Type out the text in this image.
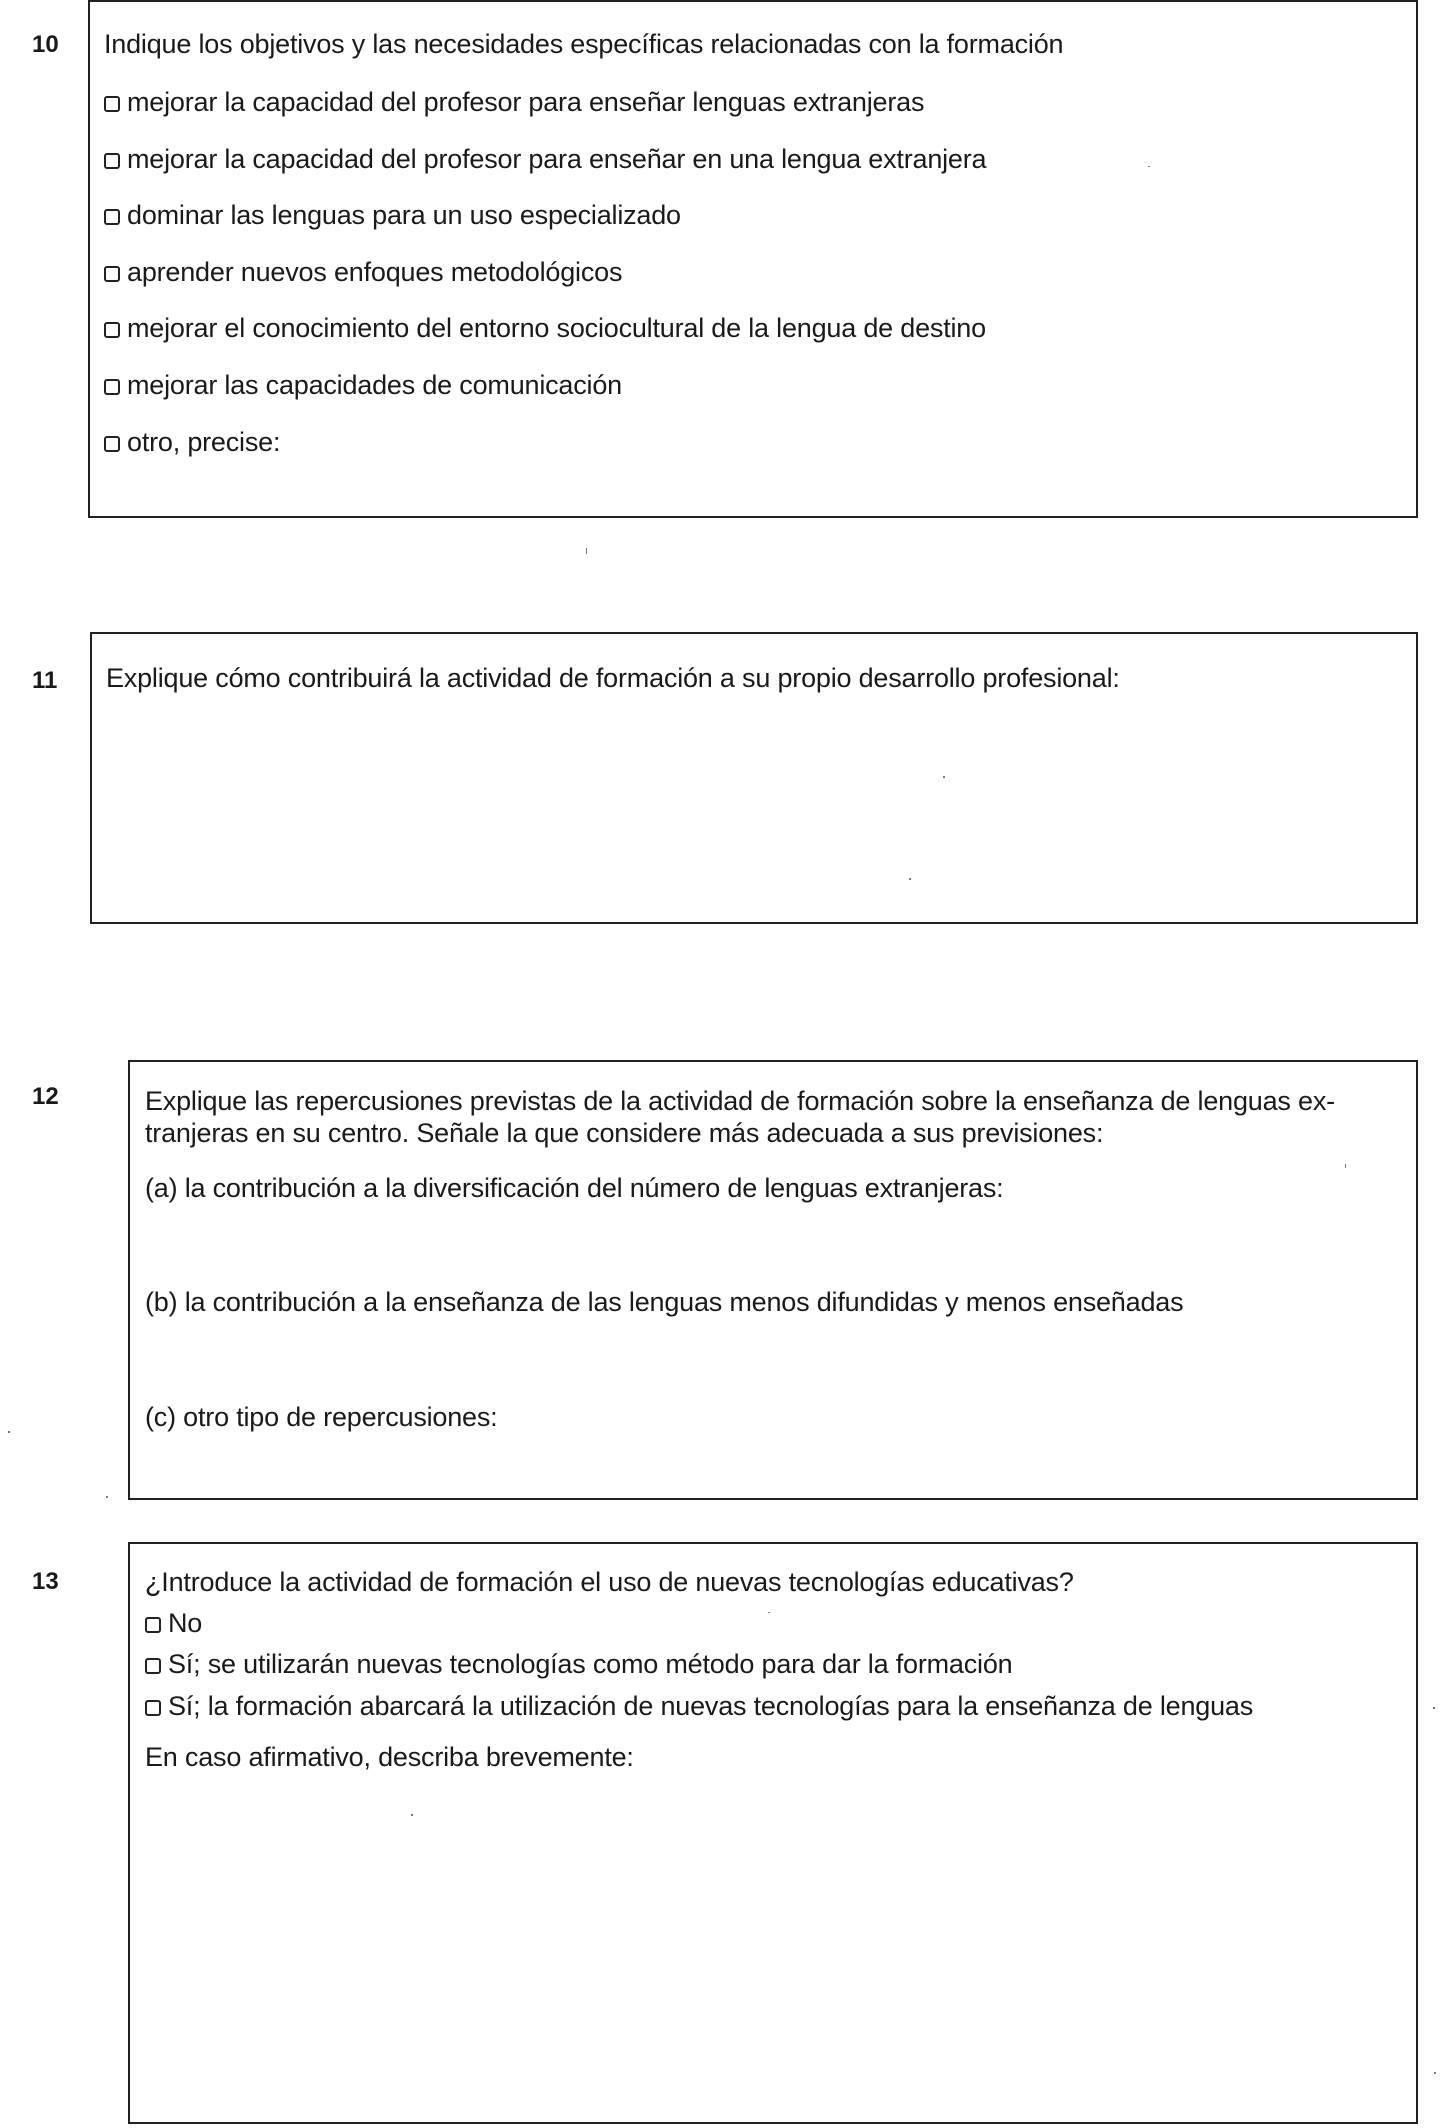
10 Indique los objetivos y las necesidades específicas relacionadas con la formación
mejorar la capacidad del profesor para enseñar lenguas extranjeras
mejorar la capacidad del profesor para enseñar en una lengua extranjera
dominar las lenguas para un uso especializado
aprender nuevos enfoques metodológicos
mejorar el conocimiento del entorno sociocultural de la lengua de destino
mejorar las capacidades de comunicación
otro, precise:
11 Explique cómo contribuirá la actividad de formación a su propio desarrollo profesional:
12	Explique las repercusiones previstas de la actividad de formación sobre la enseñanza de lenguas ex-
tranjeras en su centro. Señale la que considere más adecuada a sus previsiones:
(a) la contribución a la diversificación del número de lenguas extranjeras:
(b) la contribución a la enseñanza de las lenguas menos difundidas y menos enseñadas
(c) otro tipo de repercusiones:
13	¿Introduce la actividad de formación el uso de nuevas tecnologías educativas?
No
Sí; se utilizarán nuevas tecnologías como método para dar la formación
Sí; la formación abarcará la utilización de nuevas tecnologías para la enseñanza de lenguas
En caso afirmativo, describa brevemente:
